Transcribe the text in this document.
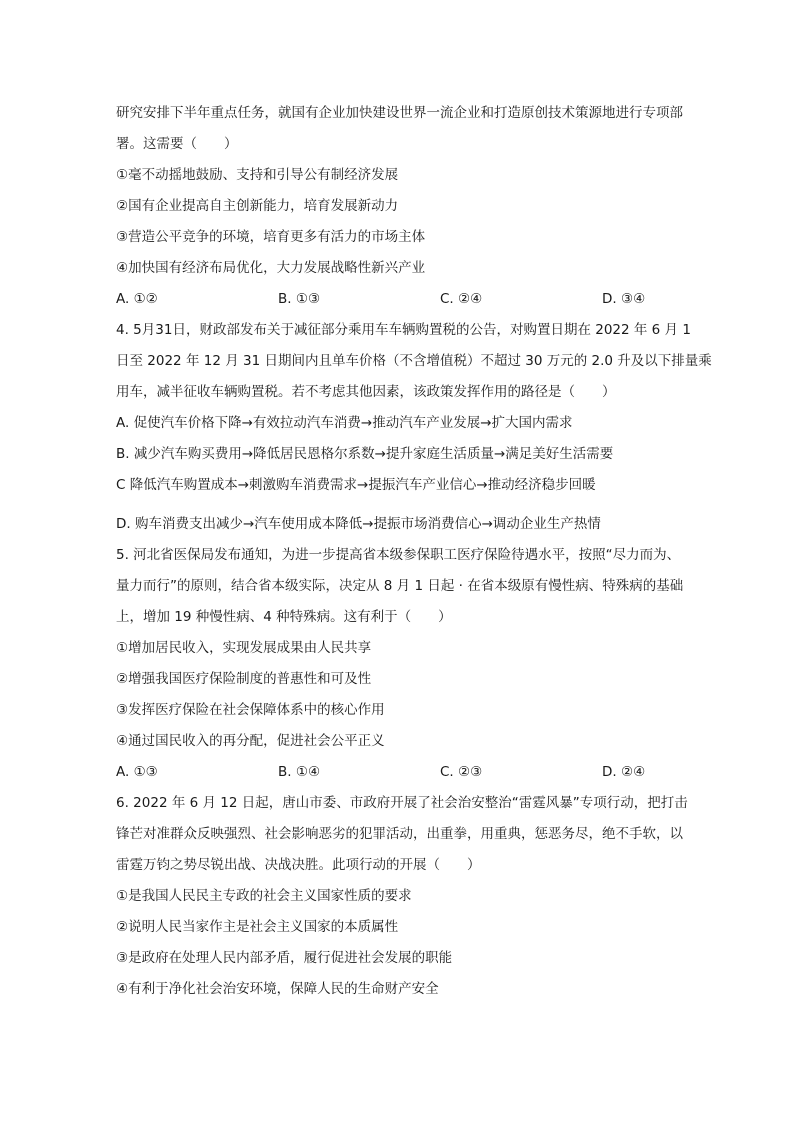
研究安排下半年重点任务，就国有企业加快建设世界一流企业和打造原创技术策源地进行专项部

署。这需要（　　）

①毫不动摇地鼓励、支持和引导公有制经济发展

②国有企业提高自主创新能力，培育发展新动力

③营造公平竞争的环境，培育更多有活力的市场主体

④加快国有经济布局优化，大力发展战略性新兴产业

A. ①②	B. ①③	C. ②④	D. ③④

4. 5月31日，财政部发布关于减征部分乘用车车辆购置税的公告，对购置日期在 2022 年 6 月 1

日至 2022 年 12 月 31 日期间内且单车价格（不含增值税）不超过 30 万元的 2.0 升及以下排量乘

用车，减半征收车辆购置税。若不考虑其他因素，该政策发挥作用的路径是（　　）

A. 促使汽车价格下降→有效拉动汽车消费→推动汽车产业发展→扩大国内需求

B. 减少汽车购买费用→降低居民恩格尔系数→提升家庭生活质量→满足美好生活需要

C 降低汽车购置成本→刺激购车消费需求→提振汽车产业信心→推动经济稳步回暖

D. 购车消费支出减少→汽车使用成本降低→提振市场消费信心→调动企业生产热情

5. 河北省医保局发布通知，为进一步提高省本级参保职工医疗保险待遇水平，按照“尽力而为、

量力而行”的原则，结合省本级实际，决定从 8 月 1 日起 · 在省本级原有慢性病、特殊病的基础

上，增加 19 种慢性病、4 种特殊病。这有利于（　　）

①增加居民收入，实现发展成果由人民共享

②增强我国医疗保险制度的普惠性和可及性

③发挥医疗保险在社会保障体系中的核心作用

④通过国民收入的再分配，促进社会公平正义

A. ①③	B. ①④	C. ②③	D. ②④

6. 2022 年 6 月 12 日起，唐山市委、市政府开展了社会治安整治“雷霆风暴”专项行动，把打击

锋芒对准群众反映强烈、社会影响恶劣的犯罪活动，出重拳，用重典，惩恶务尽，绝不手软，以

雷霆万钧之势尽锐出战、决战决胜。此项行动的开展（　　）

①是我国人民民主专政的社会主义国家性质的要求

②说明人民当家作主是社会主义国家的本质属性

③是政府在处理人民内部矛盾，履行促进社会发展的职能

④有利于净化社会治安环境，保障人民的生命财产安全
